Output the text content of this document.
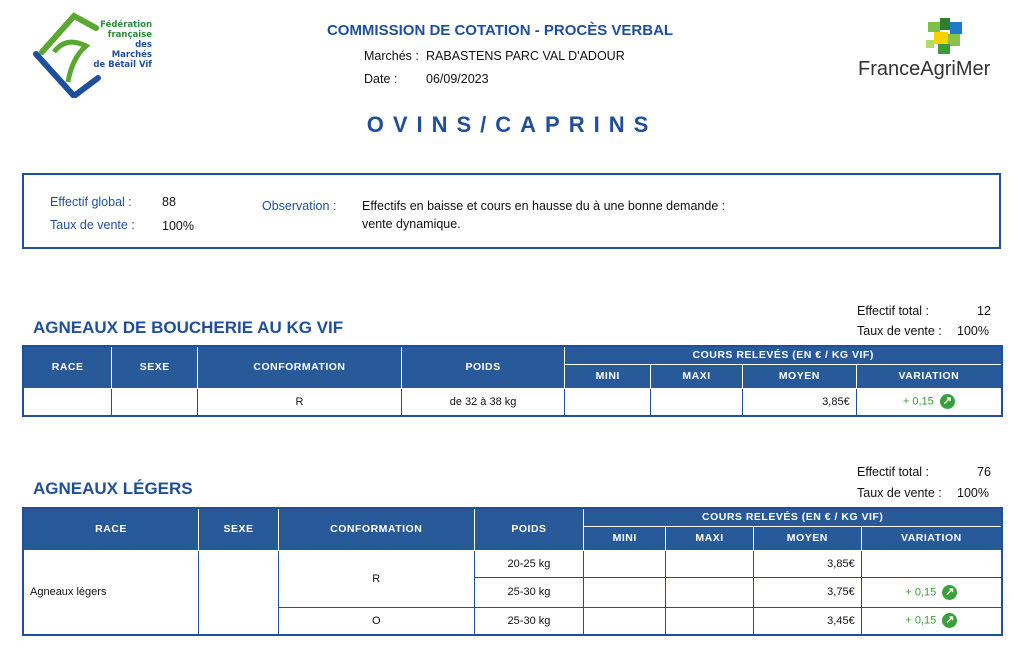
Fédération
française
des Marchés
de Bétail Vif
COMMISSION DE COTATION - PROCÈS VERBAL
Marchés : RABASTENS PARC VAL D'ADOUR
Date : 06/09/2023
OVINS/CAPRINS
FranceAgriMer
Effectif global : 88
Taux de vente : 100%
Observation : Effectifs en baisse et cours en hausse du à une bonne demande :
vente dynamique.
AGNEAUX DE BOUCHERIE AU KG VIF
Effectif total :	12
Taux de vente : 100%
RACE	SEXE	CONFORMATION	POIDS	COURS RELEVÉS (EN € / KG VIF)			
				MINI	MAXI	MOYEN	VARIATION
		R	de 32 à 38 kg			3,85€	+ 0,15 ↗
AGNEAUX LÉGERS
Effectif total :	76
Taux de vente : 100%
RACE	SEXE	CONFORMATION	POIDS	COURS RELEVÉS (EN € / KG VIF)			
				MINI	MAXI	MOYEN	VARIATION
Agneaux légers		R	20-25 kg			3,85€	
			25-30 kg			3,75€	+ 0,15 ↗
		O	25-30 kg			3,45€	+ 0,15 ↗
